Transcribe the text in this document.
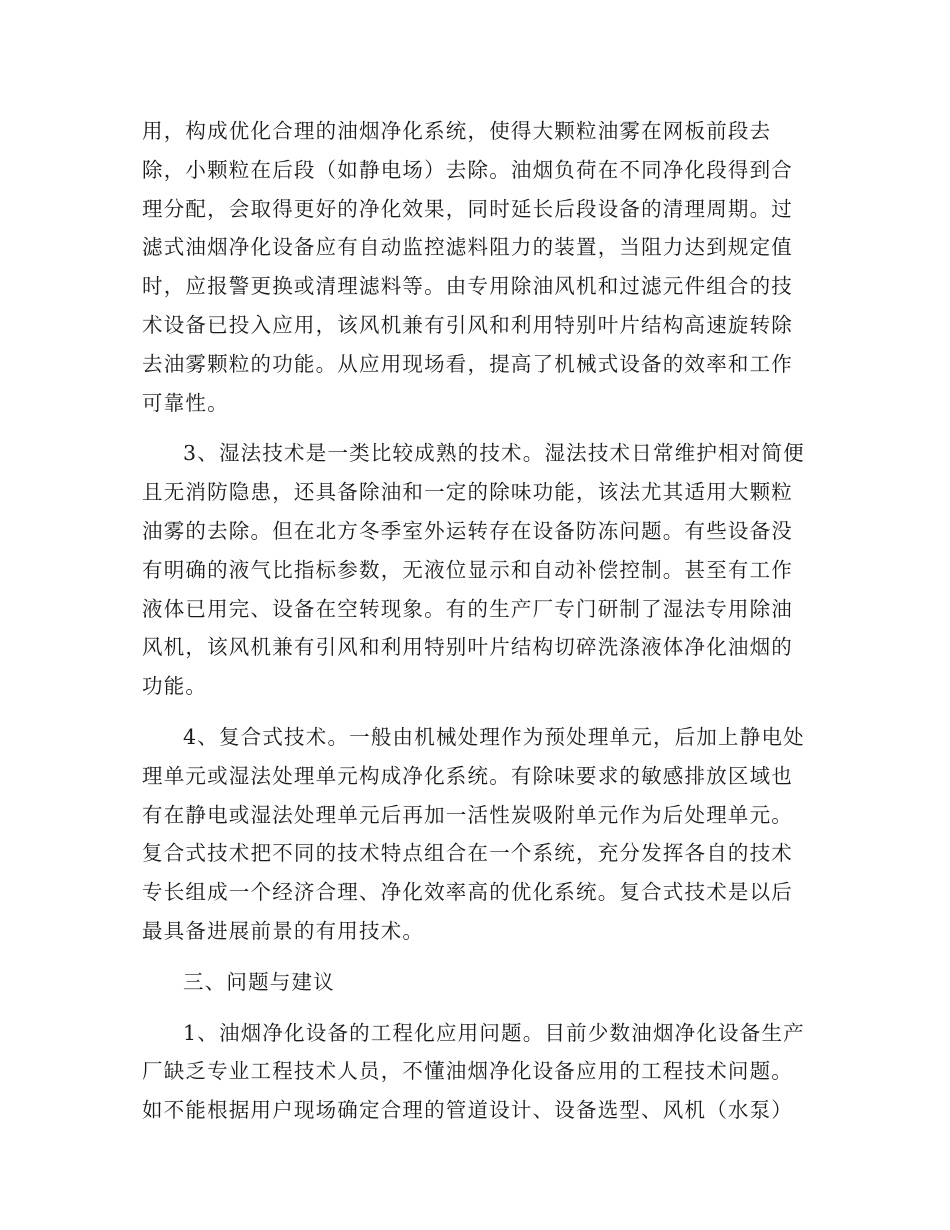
用，构成优化合理的油烟净化系统，使得大颗粒油雾在网板前段去
除，小颗粒在后段（如静电场）去除。油烟负荷在不同净化段得到合
理分配，会取得更好的净化效果，同时延长后段设备的清理周期。过
滤式油烟净化设备应有自动监控滤料阻力的装置，当阻力达到规定值
时，应报警更换或清理滤料等。由专用除油风机和过滤元件组合的技
术设备已投入应用，该风机兼有引风和利用特别叶片结构高速旋转除
去油雾颗粒的功能。从应用现场看，提高了机械式设备的效率和工作
可靠性。
3、湿法技术是一类比较成熟的技术。湿法技术日常维护相对简便
且无消防隐患，还具备除油和一定的除味功能，该法尤其适用大颗粒
油雾的去除。但在北方冬季室外运转存在设备防冻问题。有些设备没
有明确的液气比指标参数，无液位显示和自动补偿控制。甚至有工作
液体已用完、设备在空转现象。有的生产厂专门研制了湿法专用除油
风机，该风机兼有引风和利用特别叶片结构切碎洗涤液体净化油烟的
功能。
4、复合式技术。一般由机械处理作为预处理单元，后加上静电处
理单元或湿法处理单元构成净化系统。有除味要求的敏感排放区域也
有在静电或湿法处理单元后再加一活性炭吸附单元作为后处理单元。
复合式技术把不同的技术特点组合在一个系统，充分发挥各自的技术
专长组成一个经济合理、净化效率高的优化系统。复合式技术是以后
最具备进展前景的有用技术。
三、问题与建议
1、油烟净化设备的工程化应用问题。目前少数油烟净化设备生产
厂缺乏专业工程技术人员，不懂油烟净化设备应用的工程技术问题。
如不能根据用户现场确定合理的管道设计、设备选型、风机（水泵）
